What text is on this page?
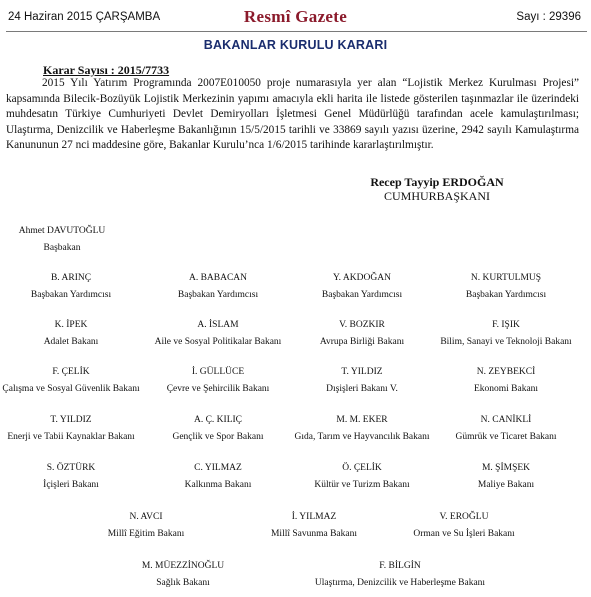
24 Haziran 2015 ÇARŞAMBA	Resmî Gazete	Sayı : 29396
BAKANLAR KURULU KARARI
Karar Sayısı : 2015/7733

2015 Yılı Yatırım Programında 2007E010050 proje numarasıyla yer alan “Lojistik Merkez Kurulması Projesi” kapsamında Bilecik-Bozüyük Lojistik Merkezinin yapımı amacıyla ekli harita ile listede gösterilen taşınmazlar ile üzerindeki muhdesatın Türkiye Cumhuriyeti Devlet Demiryolları İşletmesi Genel Müdürlüğü tarafından acele kamulaştırılması; Ulaştırma, Denizcilik ve Haberleşme Bakanlığının 15/5/2015 tarihli ve 33869 sayılı yazısı üzerine, 2942 sayılı Kamulaştırma Kanununun 27 nci maddesine göre, Bakanlar Kurulu’nca 1/6/2015 tarihinde kararlaştırılmıştır.

Recep Tayyip ERDOĞAN
CUMHURBAŞKANI
Ahmet DAVUTOĞLU
Başbakan
B. ARINÇ
Başbakan Yardımcısı
A. BABACAN
Başbakan Yardımcısı
Y. AKDOĞAN
Başbakan Yardımcısı
N. KURTULMUŞ
Başbakan Yardımcısı
K. İPEK
Adalet Bakanı
A. İSLAM
Aile ve Sosyal Politikalar Bakanı
V. BOZKIR
Avrupa Birliği Bakanı
F. IŞIK
Bilim, Sanayi ve Teknoloji Bakanı
F. ÇELİK
Çalışma ve Sosyal Güvenlik Bakanı
İ. GÜLLÜCE
Çevre ve Şehircilik Bakanı
T. YILDIZ
Dışişleri Bakanı V.
N. ZEYBEKCİ
Ekonomi Bakanı
T. YILDIZ
Enerji ve Tabii Kaynaklar Bakanı
A. Ç. KILIÇ
Gençlik ve Spor Bakanı
M. M. EKER
Gıda, Tarım ve Hayvancılık Bakanı
N. CANİKLİ
Gümrük ve Ticaret Bakanı
S. ÖZTÜRK
İçişleri Bakanı
C. YILMAZ
Kalkınma Bakanı
Ö. ÇELİK
Kültür ve Turizm Bakanı
M. ŞİMŞEK
Maliye Bakanı
N. AVCI
Millî Eğitim Bakanı
İ. YILMAZ
Millî Savunma Bakanı
V. EROĞLU
Orman ve Su İşleri Bakanı
M. MÜEZZİNOĞLU
Sağlık Bakanı
F. BİLGİN
Ulaştırma, Denizcilik ve Haberleşme Bakanı
